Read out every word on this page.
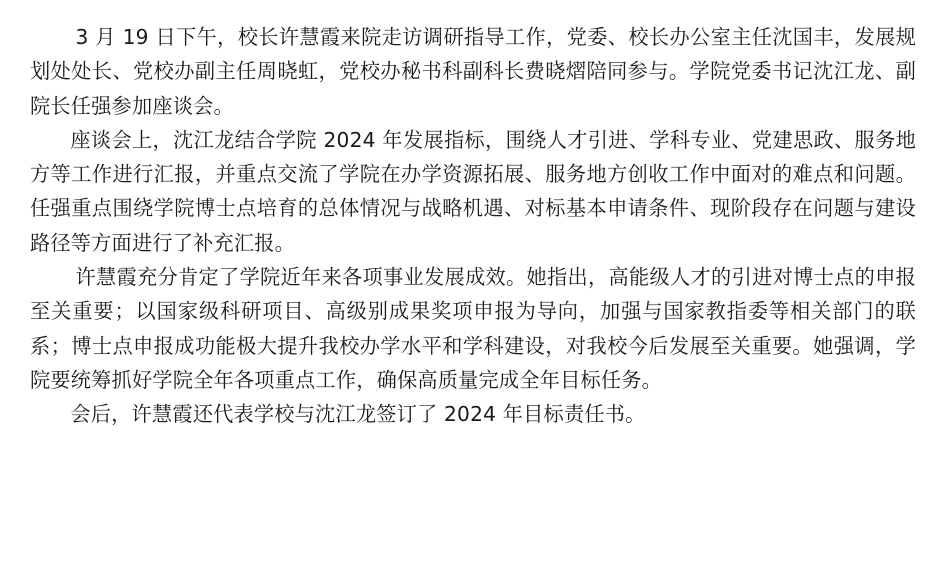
3 月 19 日下午，校长许慧霞来院走访调研指导工作，党委、校长办公室主任沈国丰，发展规划处处长、党校办副主任周晓虹，党校办秘书科副科长费晓熠陪同参与。学院党委书记沈江龙、副院长任强参加座谈会。

座谈会上，沈江龙结合学院 2024 年发展指标，围绕人才引进、学科专业、党建思政、服务地方等工作进行汇报，并重点交流了学院在办学资源拓展、服务地方创收工作中面对的难点和问题。任强重点围绕学院博士点培育的总体情况与战略机遇、对标基本申请条件、现阶段存在问题与建设路径等方面进行了补充汇报。

许慧霞充分肯定了学院近年来各项事业发展成效。她指出，高能级人才的引进对博士点的申报至关重要；以国家级科研项目、高级别成果奖项申报为导向，加强与国家教指委等相关部门的联系；博士点申报成功能极大提升我校办学水平和学科建设，对我校今后发展至关重要。她强调，学院要统筹抓好学院全年各项重点工作，确保高质量完成全年目标任务。

会后，许慧霞还代表学校与沈江龙签订了 2024 年目标责任书。
